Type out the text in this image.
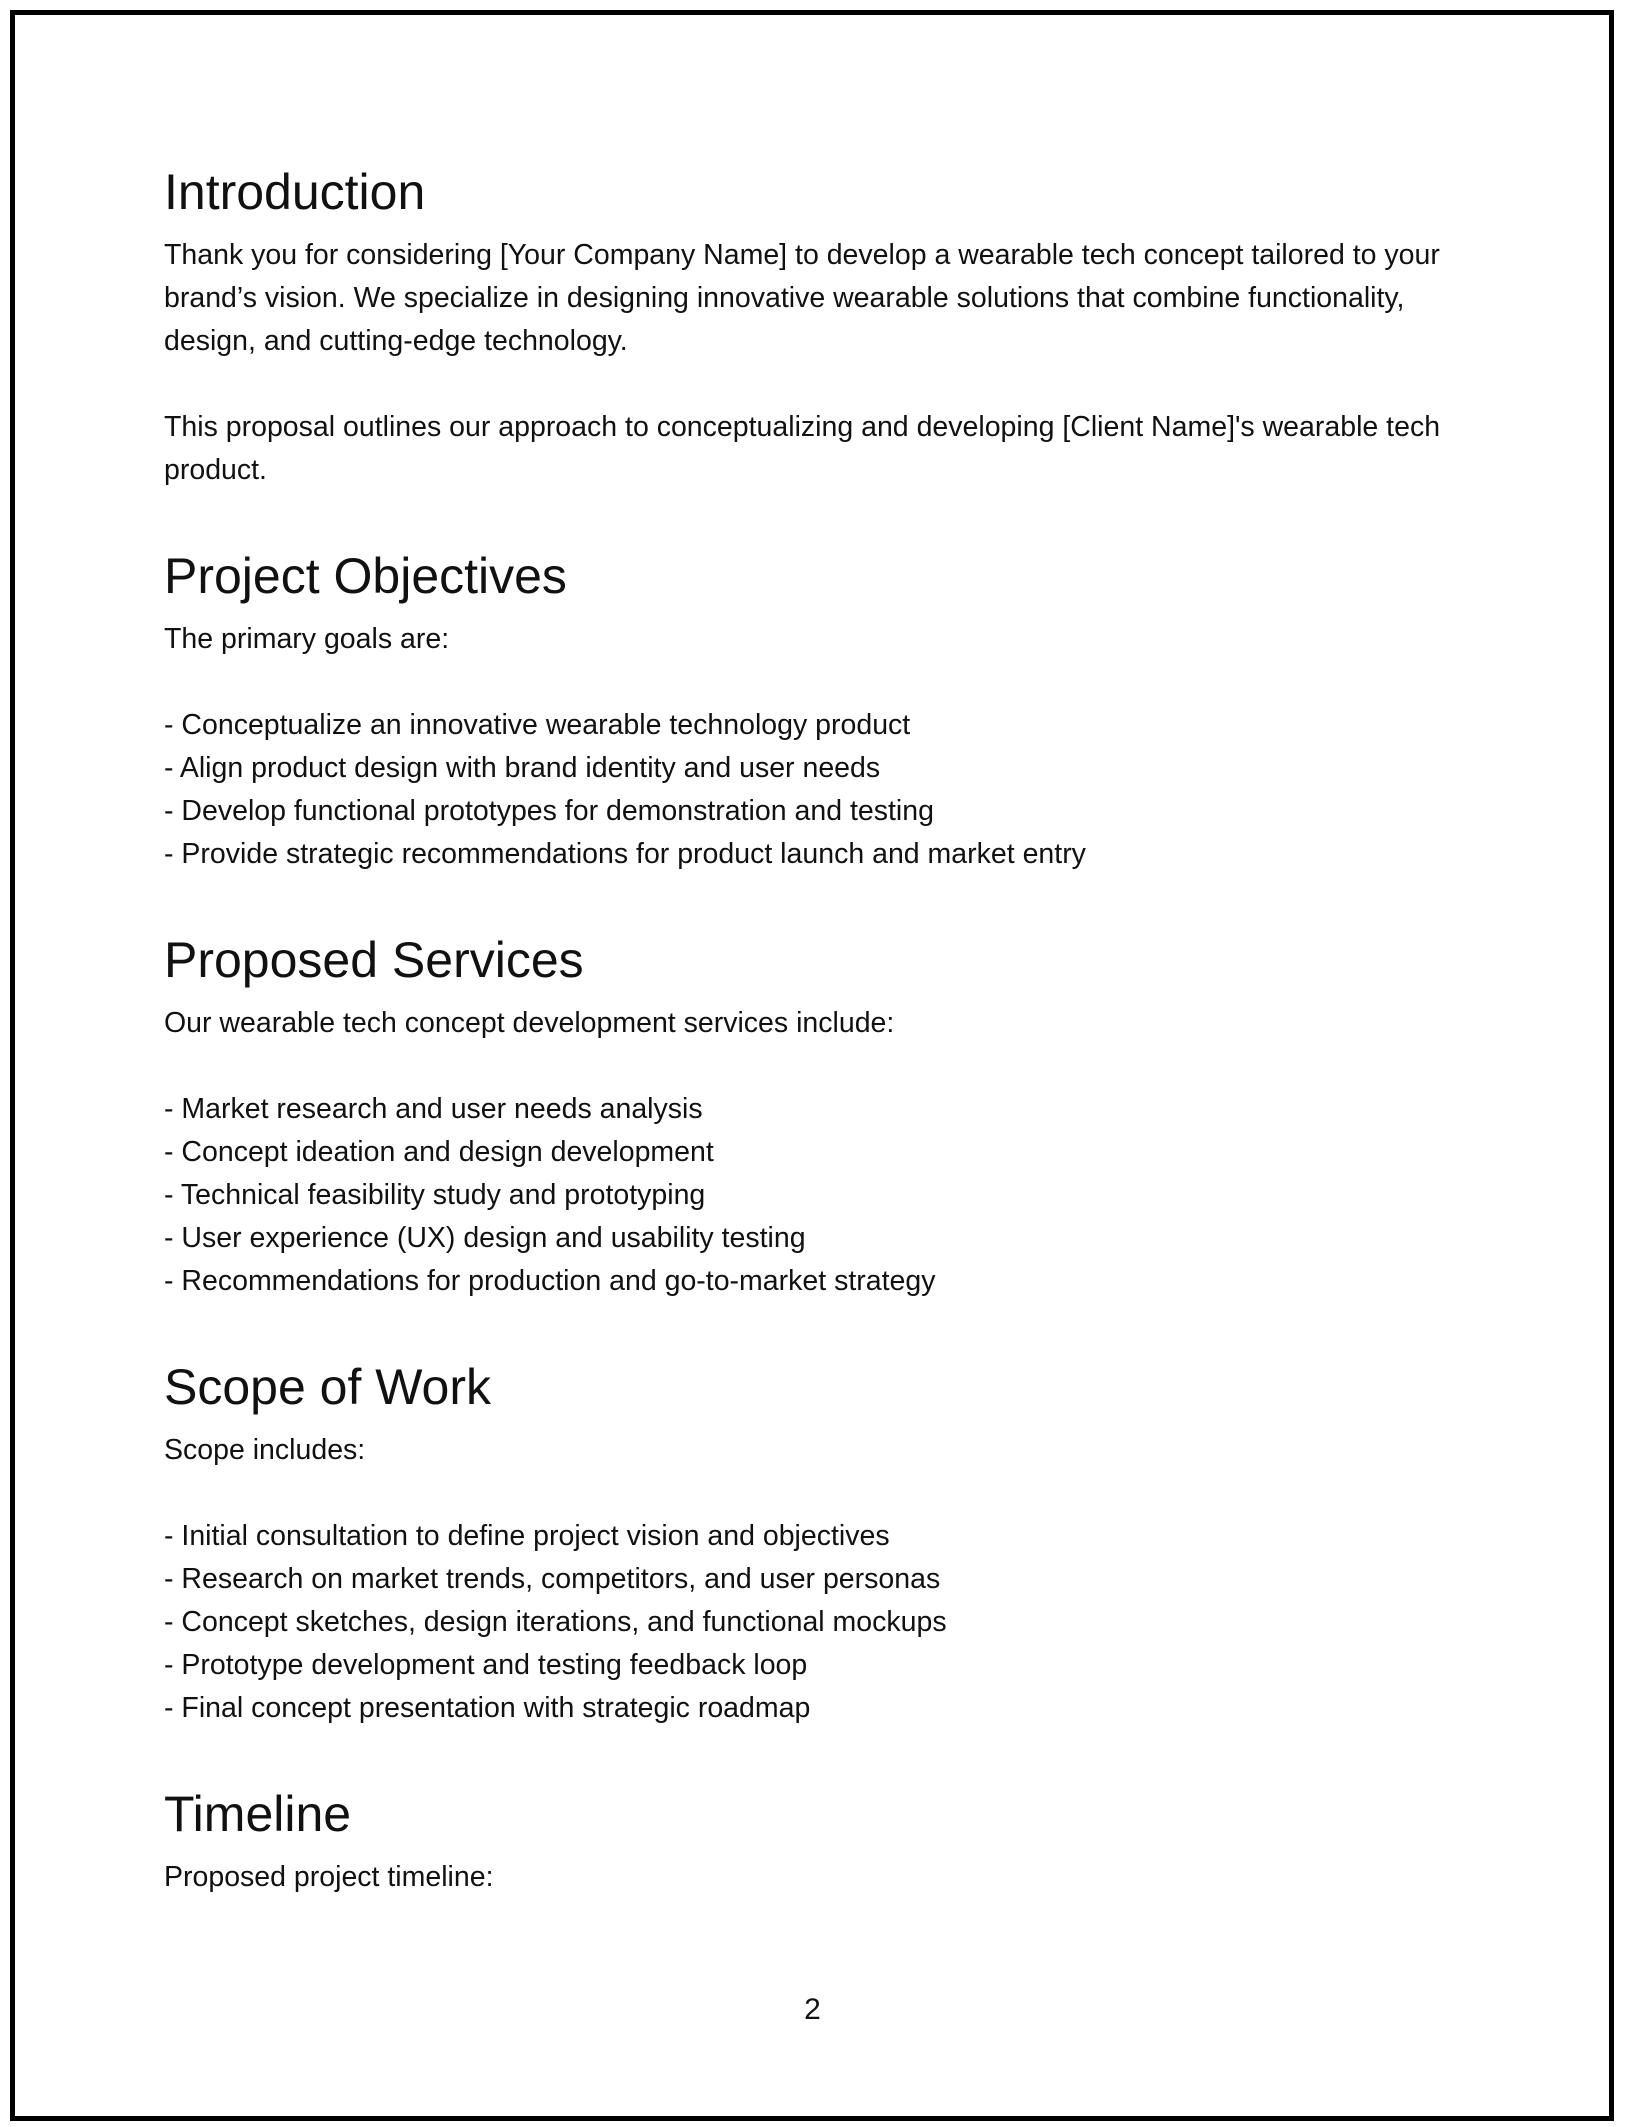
Introduction

Thank you for considering [Your Company Name] to develop a wearable tech concept tailored to your brand’s vision. We specialize in designing innovative wearable solutions that combine functionality, design, and cutting-edge technology.

This proposal outlines our approach to conceptualizing and developing [Client Name]'s wearable tech product.

Project Objectives

The primary goals are:

- Conceptualize an innovative wearable technology product
- Align product design with brand identity and user needs
- Develop functional prototypes for demonstration and testing
- Provide strategic recommendations for product launch and market entry
Proposed Services

Our wearable tech concept development services include:

- Market research and user needs analysis
- Concept ideation and design development
- Technical feasibility study and prototyping
- User experience (UX) design and usability testing
- Recommendations for production and go-to-market strategy
Scope of Work

Scope includes:

- Initial consultation to define project vision and objectives
- Research on market trends, competitors, and user personas
- Concept sketches, design iterations, and functional mockups
- Prototype development and testing feedback loop
- Final concept presentation with strategic roadmap
Timeline

Proposed project timeline:

2
